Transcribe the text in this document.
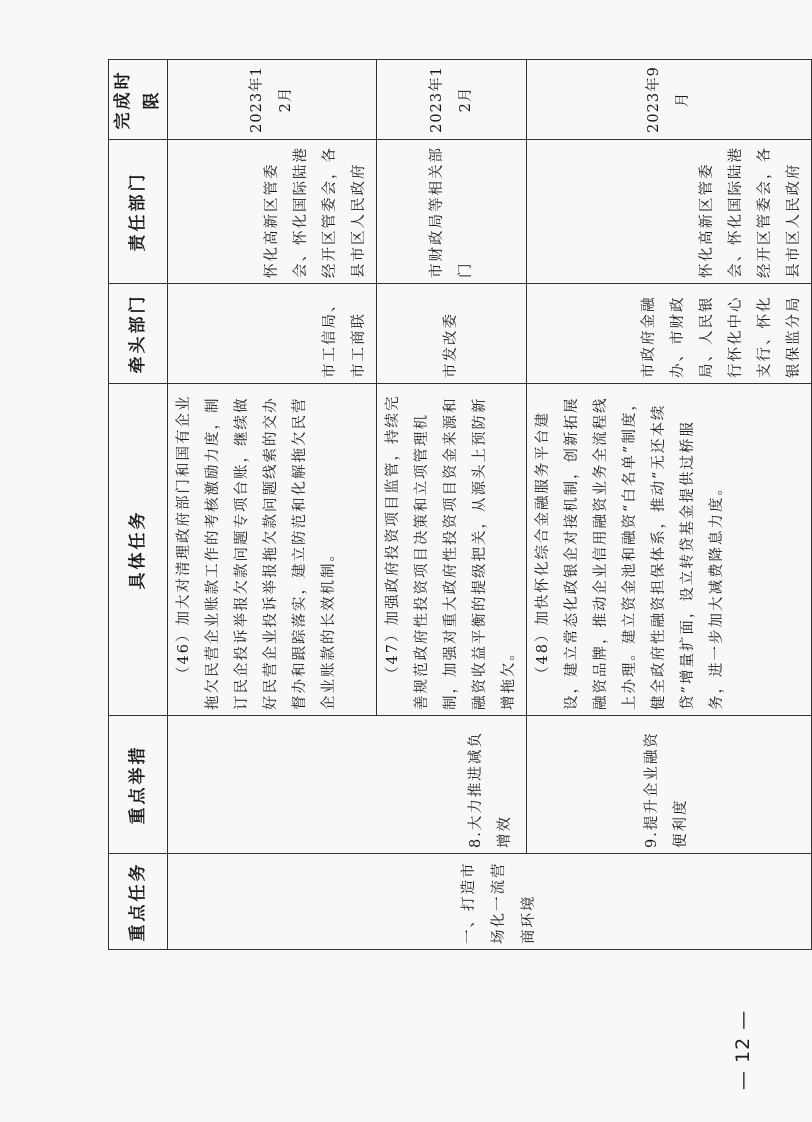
重点任务	重点举措	具体任务	牵头部门	责任部门	完成时限
一、打造市场化一流营商环境	8.大力推进减负增效	（46）加大对清理政府部门和国有企业拖欠民营企业账款工作的考核激励力度，制订民企投诉举报欠款问题专项台账，继续做好民营企业投诉举报拖欠款问题线索的交办督办和跟踪落实，建立防范和化解拖欠民营企业账款的长效机制。	市工信局、市工商联	怀化高新区管委会、怀化国际陆港经开区管委会，各县市区人民政府	2023年12月
		（47）加强政府投资项目监管，持续完善规范政府性投资项目决策和立项管理机制，加强对重大政府性投资项目资金来源和融资收益平衡的提级把关，从源头上预防新增拖欠。	市发改委	市财政局等相关部门	2023年12月
	9.提升企业融资便利度	（48）加快怀化综合金融服务平台建设，建立常态化政银企对接机制，创新拓展融资品牌，推动企业信用融资业务全流程线上办理。建立资金池和融资“白名单”制度，健全政府性融资担保体系，推动“无还本续贷”增量扩面，设立转贷基金提供过桥服务，进一步加大减费降息力度。	市政府金融办、市财政局、人民银行怀化中心支行、怀化银保监分局	怀化高新区管委会、怀化国际陆港经开区管委会，各县市区人民政府	2023年9月
— 12 —
